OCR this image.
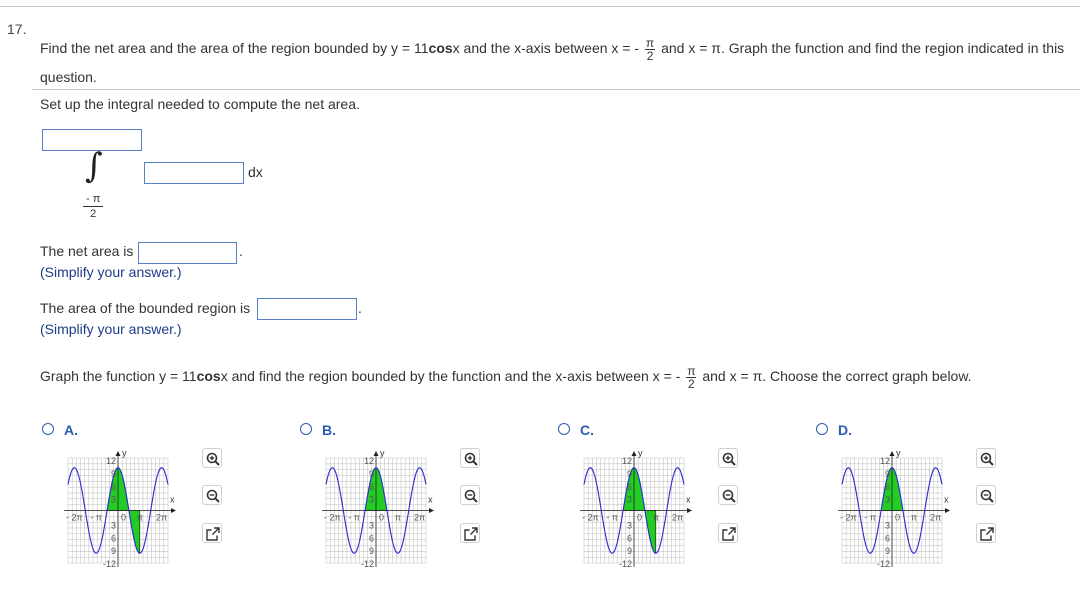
17.
Find the net area and the area of the region bounded by y = 11cosx and the x-axis between x = - $\frac{\pi}{2}$ and x = π. Graph the function and find the region indicated in this question.
Set up the integral needed to compute the net area.
∫
$\frac{- \pi}{2}$
dx
The net area is	.
(Simplify your answer.)
The area of the bounded region is	.
(Simplify your answer.)
Graph the function y = 11cosx and find the region bounded by the function and the x-axis between x = - $\frac{\pi}{2}$ and x = π. Choose the correct graph below.
A.
12
9
6
3
3
6
9
-12
0
- 2π - π	π 2π
y
x
B.
12
9
6
3
3
6
9
-12
0
- 2π - π	π 2π
y
x
C.
12
9
6
3
3
6
9
-12
0
- 2π - π	π 2π
y
x
D.
12
9
6
3
3
6
9
-12
0
- 2π - π	π 2π
y
x
